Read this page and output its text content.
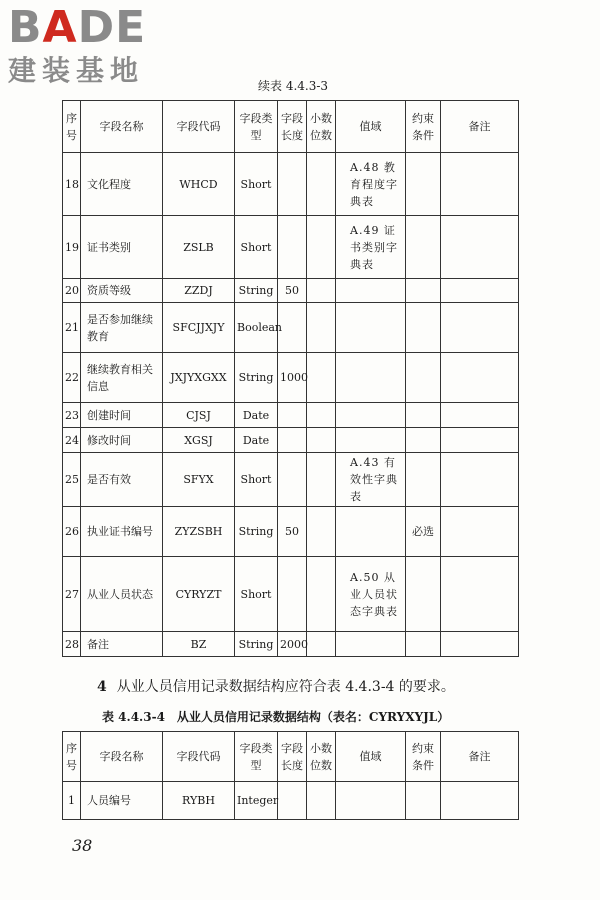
BADE
建装基地	续表 4.4.3-3
序号	字段名称	字段代码	字段类型	字段长度	小数位数	值域	约束条件	备注
18	文化程度	WHCD	Short			A.48 教育程度字典表		
19	证书类别	ZSLB	Short			A.49 证书类别字典表		
20	资质等级	ZZDJ	String	50				
21	是否参加继续教育	SFCJJXJY	Boolean					
22	继续教育相关信息	JXJYXGXX	String	1000				
23	创建时间	CJSJ	Date					
24	修改时间	XGSJ	Date					
25	是否有效	SFYX	Short			A.43 有效性字典表		
26	执业证书编号	ZYZSBH	String	50			必选	
27	从业人员状态	CYRYZT	Short			A.50 从业人员状态字典表		
28	备注	BZ	String	2000				
4 从业人员信用记录数据结构应符合表 4.4.3-4 的要求。
表 4.4.3-4　从业人员信用记录数据结构（表名：CYRYXYJL）
序号	字段名称	字段代码	字段类型	字段长度	小数位数	值域	约束条件	备注
1	人员编号	RYBH	Integer					
38
